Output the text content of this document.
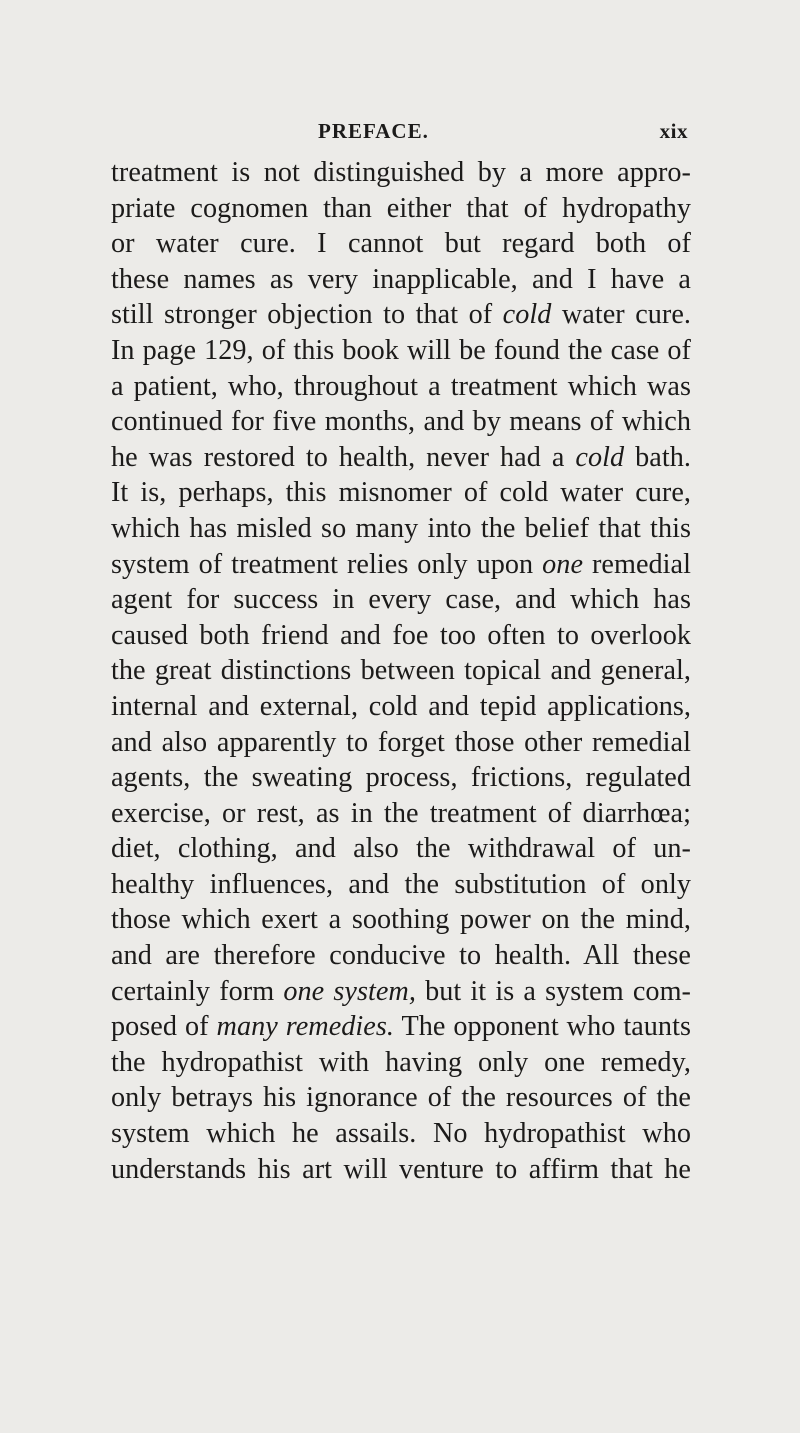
PREFACE.	xix
treatment is not distinguished by a more appro-
priate cognomen than either that of hydropathy
or water cure. I cannot but regard both of
these names as very inapplicable, and I have a
still stronger objection to that of cold water cure.
In page 129, of this book will be found the case of
a patient, who, throughout a treatment which was
continued for five months, and by means of which
he was restored to health, never had a cold bath.
It is, perhaps, this misnomer of cold water cure,
which has misled so many into the belief that this
system of treatment relies only upon one remedial
agent for success in every case, and which has
caused both friend and foe too often to overlook
the great distinctions between topical and general,
internal and external, cold and tepid applications,
and also apparently to forget those other remedial
agents, the sweating process, frictions, regulated
exercise, or rest, as in the treatment of diarrhœa;
diet, clothing, and also the withdrawal of un-
healthy influences, and the substitution of only
those which exert a soothing power on the mind,
and are therefore conducive to health. All these
certainly form one system, but it is a system com-
posed of many remedies. The opponent who taunts
the hydropathist with having only one remedy,
only betrays his ignorance of the resources of the
system which he assails. No hydropathist who
understands his art will venture to affirm that he
